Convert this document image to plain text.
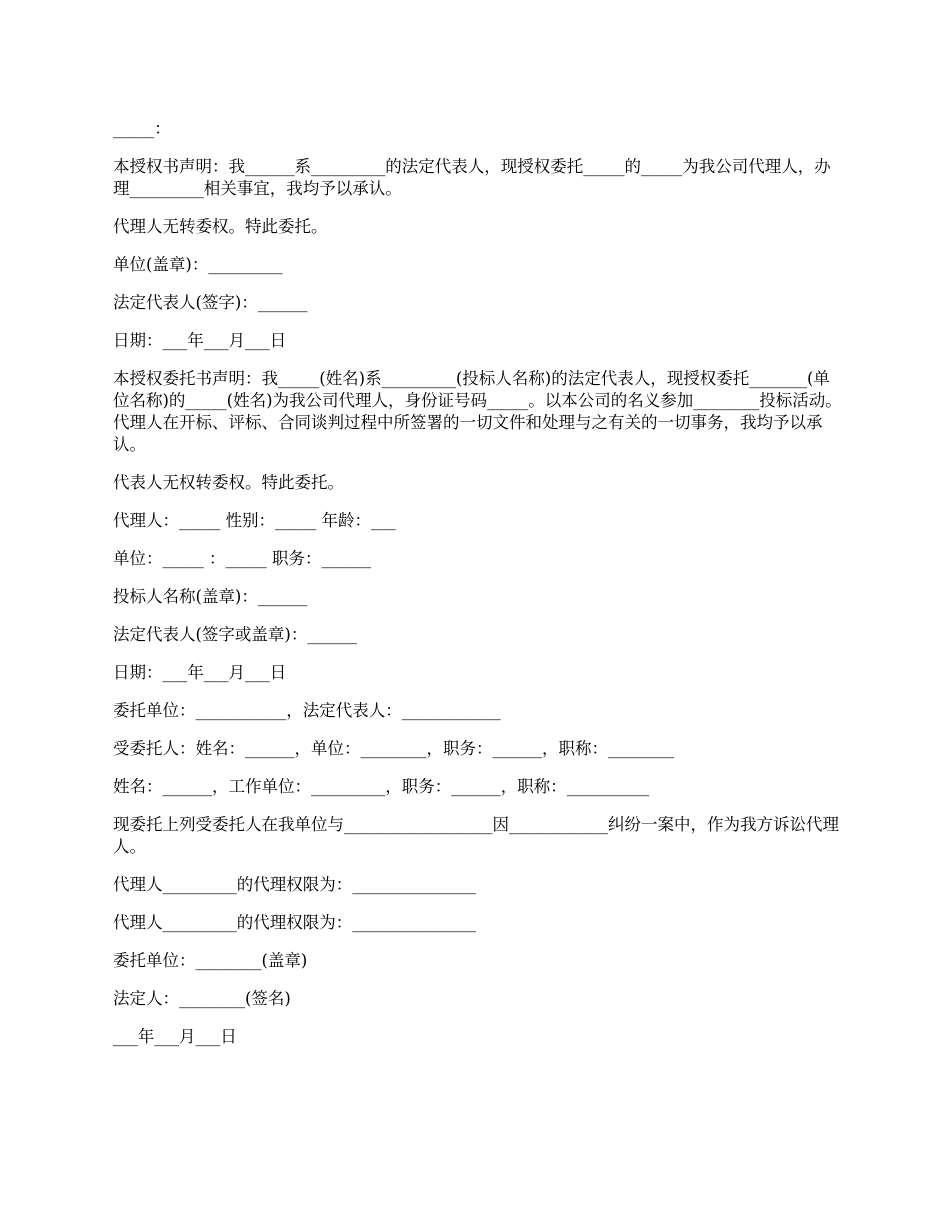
_____：

本授权书声明：我______系_________的法定代表人，现授权委托_____的_____为我公司代理人，办理_________相关事宜，我均予以承认。

代理人无转委权。特此委托。

单位(盖章)：_________

法定代表人(签字)：______

日期：___年___月___日

本授权委托书声明：我_____(姓名)系_________(投标人名称)的法定代表人，现授权委托_______(单位名称)的_____(姓名)为我公司代理人，身份证号码_____。以本公司的名义参加________投标活动。代理人在开标、评标、合同谈判过程中所签署的一切文件和处理与之有关的一切事务，我均予以承认。

代表人无权转委权。特此委托。

代理人：_____ 性别：_____ 年龄：___

单位：_____ ：_____ 职务：______

投标人名称(盖章)：______

法定代表人(签字或盖章)：______

日期：___年___月___日

委托单位：___________，法定代表人：____________

受委托人：姓名：______，单位：________，职务：______，职称：________

姓名：______，工作单位：_________，职务：______，职称：__________

现委托上列受委托人在我单位与__________________因____________纠纷一案中，作为我方诉讼代理人。

代理人_________的代理权限为：_______________

代理人_________的代理权限为：_______________

委托单位：________(盖章)

法定人：________(签名)

___年___月___日
